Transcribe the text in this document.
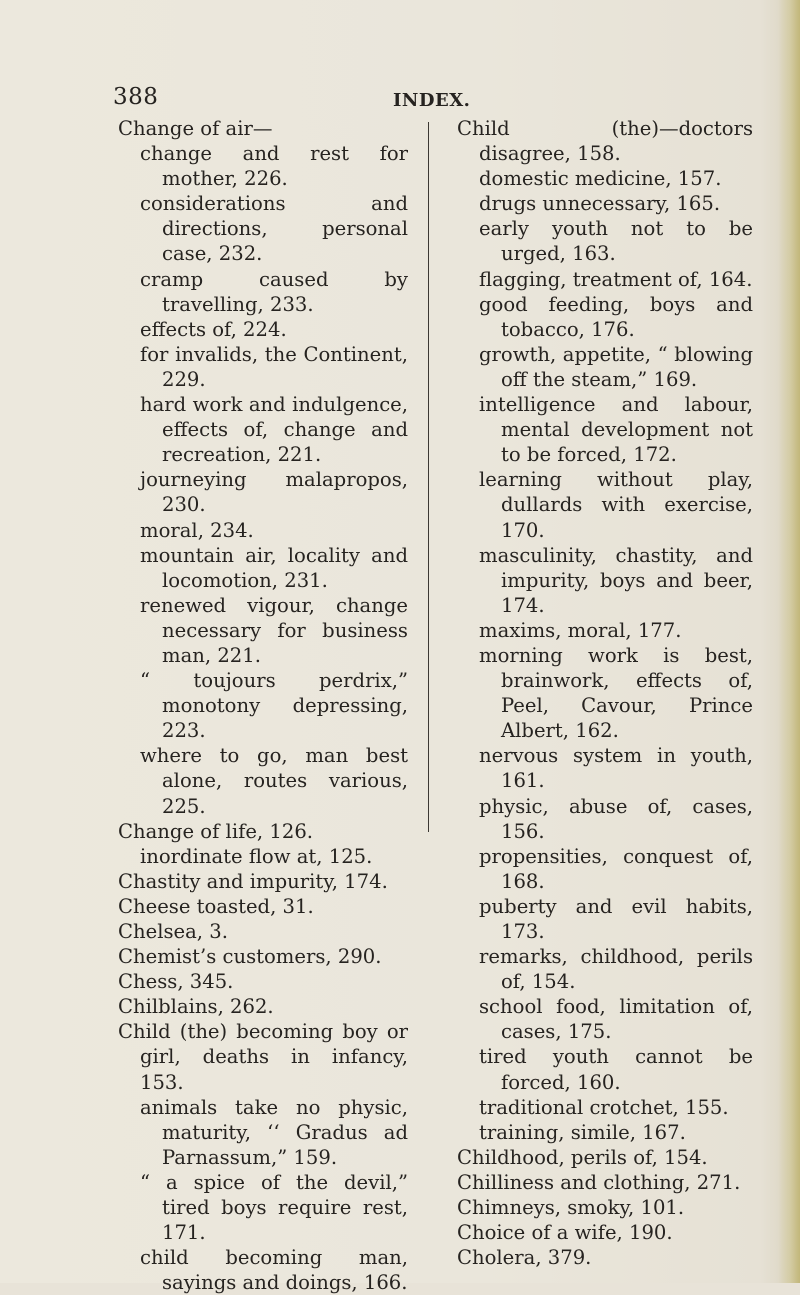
388	INDEX.
Change of air—
change and rest for mother, 226.
considerations and directions, personal case, 232.
cramp caused by travelling, 233.
effects of, 224.
for invalids, the Continent, 229.
hard work and indulgence, effects of, change and recreation, 221.
journeying malapropos, 230.
moral, 234.
mountain air, locality and locomotion, 231.
renewed vigour, change necessary for business man, 221.
“ toujours perdrix,” monotony depressing, 223.
where to go, man best alone, routes various, 225.
Change of life, 126.
inordinate flow at, 125.
Chastity and impurity, 174.
Cheese toasted, 31.
Chelsea, 3.
Chemist’s customers, 290.
Chess, 345.
Chilblains, 262.
Child (the) becoming boy or girl, deaths in infancy, 153.
animals take no physic, maturity, ‘‘ Gradus ad Parnassum,” 159.
“ a spice of the devil,” tired boys require rest, 171.
child becoming man, sayings and doings, 166.
Child (the)—doctors disagree, 158.
domestic medicine, 157.
drugs unnecessary, 165.
early youth not to be urged, 163.
flagging, treatment of, 164.
good feeding, boys and tobacco, 176.
growth, appetite, “ blowing off the steam,” 169.
intelligence and labour, mental development not to be forced, 172.
learning without play, dullards with exercise, 170.
masculinity, chastity, and impurity, boys and beer, 174.
maxims, moral, 177.
morning work is best, brainwork, effects of, Peel, Cavour, Prince Albert, 162.
nervous system in youth, 161.
physic, abuse of, cases, 156.
propensities, conquest of, 168.
puberty and evil habits, 173.
remarks, childhood, perils of, 154.
school food, limitation of, cases, 175.
tired youth cannot be forced, 160.
traditional crotchet, 155.
training, simile, 167.
Childhood, perils of, 154.
Chilliness and clothing, 271.
Chimneys, smoky, 101.
Choice of a wife, 190.
Cholera, 379.
